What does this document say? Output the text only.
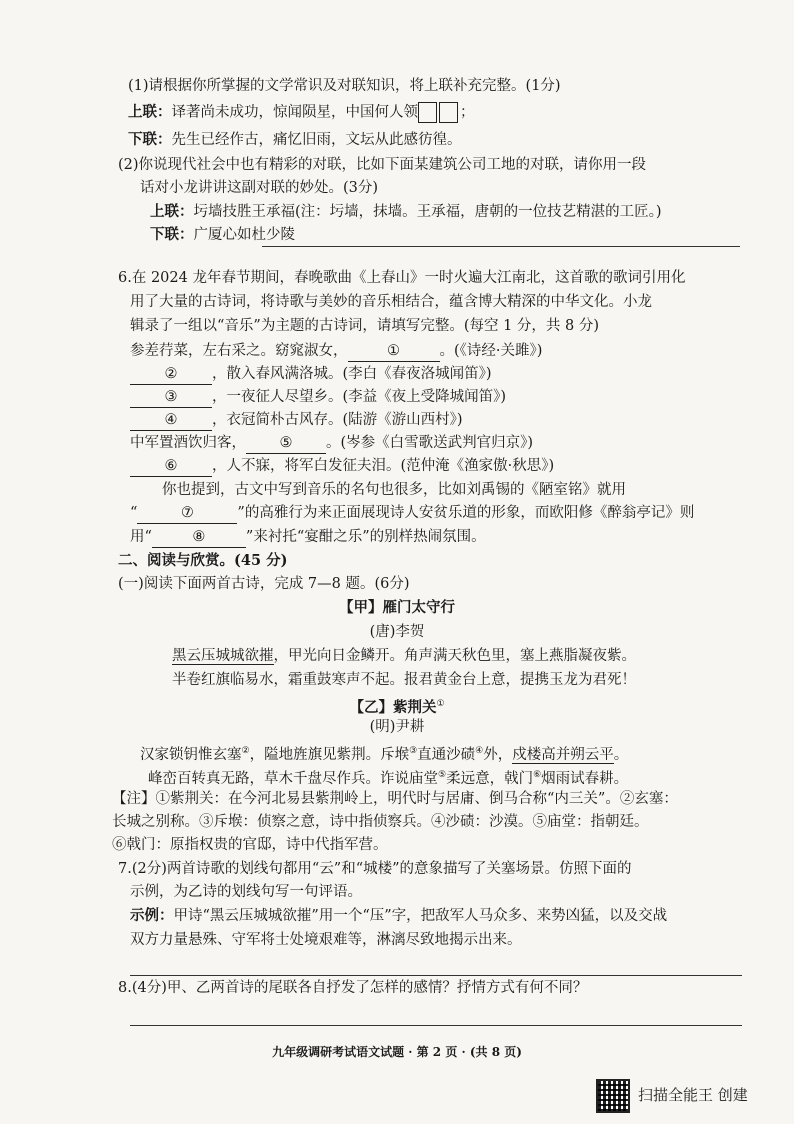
(1)请根据你所掌握的文学常识及对联知识，将上联补充完整。(1分)
上联：译著尚未成功，惊闻陨星，中国何人领	；
下联：先生已经作古，痛忆旧雨，文坛从此感彷徨。
(2)你说现代社会中也有精彩的对联，比如下面某建筑公司工地的对联，请你用一段
话对小龙讲讲这副对联的妙处。(3分)
上联：圬墙技胜王承福(注：圬墙，抹墙。王承福，唐朝的一位技艺精湛的工匠。)
下联：广厦心如杜少陵
6.在 2024 龙年春节期间，春晚歌曲《上春山》一时火遍大江南北，这首歌的歌词引用化
用了大量的古诗词，将诗歌与美妙的音乐相结合，蕴含博大精深的中华文化。小龙
辑录了一组以“音乐”为主题的古诗词，请填写完整。(每空 1 分，共 8 分)
参差荇菜，左右采之。窈窕淑女，	①	。(《诗经·关雎》)
② ，散入春风满洛城。(李白《春夜洛城闻笛》)
③ ，一夜征人尽望乡。(李益《夜上受降城闻笛》)
④ ，衣冠简朴古风存。(陆游《游山西村》)
中军置酒饮归客， ⑤ 。(岑参《白雪歌送武判官归京》)
⑥ ，人不寐，将军白发征夫泪。(范仲淹《渔家傲·秋思》)
你也提到，古文中写到音乐的名句也很多，比如刘禹锡的《陋室铭》就用
“	⑦	”的高雅行为来正面展现诗人安贫乐道的形象，而欧阳修《醉翁亭记》则
用“	⑧	”来衬托“宴酣之乐”的别样热闹氛围。
二、阅读与欣赏。(45 分)
(一)阅读下面两首古诗，完成 7—8 题。(6分)
【甲】雁门太守行
(唐)李贺
黑云压城城欲摧，甲光向日金鳞开。角声满天秋色里，塞上燕脂凝夜紫。
半卷红旗临易水，霜重鼓寒声不起。报君黄金台上意，提携玉龙为君死！
【乙】紫荆关①
(明)尹耕
汉家锁钥惟玄塞②，隘地旌旗见紫荆。斥堠③直通沙碛④外，戍楼高并朔云平。
峰峦百转真无路，草木千盘尽作兵。诈说庙堂⑤柔远意，戟门⑥烟雨试春耕。
【注】①紫荆关：在今河北易县紫荆岭上，明代时与居庸、倒马合称“内三关”。②玄塞：
长城之别称。③斥堠：侦察之意，诗中指侦察兵。④沙碛：沙漠。⑤庙堂：指朝廷。
⑥戟门：原指权贵的官邸，诗中代指军营。
7.(2分)两首诗歌的划线句都用“云”和“城楼”的意象描写了关塞场景。仿照下面的
示例，为乙诗的划线句写一句评语。
示例：甲诗“黑云压城城欲摧”用一个“压”字，把敌军人马众多、来势凶猛，以及交战
双方力量悬殊、守军将士处境艰难等，淋漓尽致地揭示出来。
8.(4分)甲、乙两首诗的尾联各自抒发了怎样的感情？抒情方式有何不同？
九年级调研考试语文试题 · 第 2 页 · (共 8 页)
扫描全能王 创建
